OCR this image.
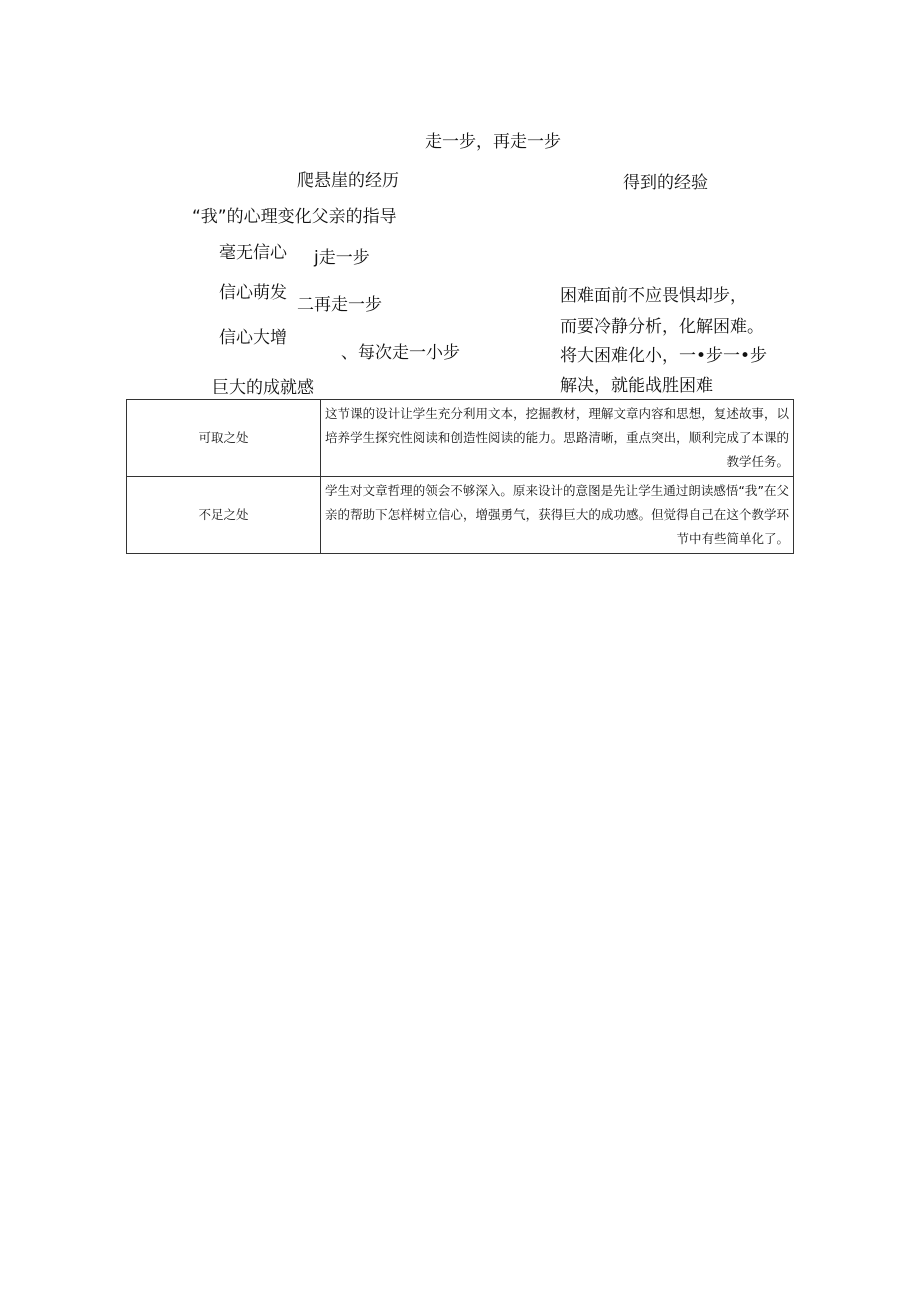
走一步，再走一步
爬悬崖的经历	得到的经验
“我”的心理变化父亲的指导
毫无信心
信心萌发
信心大增
巨大的成就感
j走一步
二再走一步
、每次走一小步
困难面前不应畏惧却步，
而要冷静分析，化解困难。
将大困难化小，一•步一•步
解决，就能战胜困难
可取之处	这节课的设计让学生充分利用文本，挖掘教材，理解文章内容和思想，复述故事，以培养学生探究性阅读和创造性阅读的能力。思路清晰，重点突出，顺利完成了本课的教学任务。
不足之处	学生对文章哲理的领会不够深入。原来设计的意图是先让学生通过朗读感悟“我”在父亲的帮助下怎样树立信心，增强勇气，获得巨大的成功感。但觉得自己在这个教学环节中有些简单化了。
